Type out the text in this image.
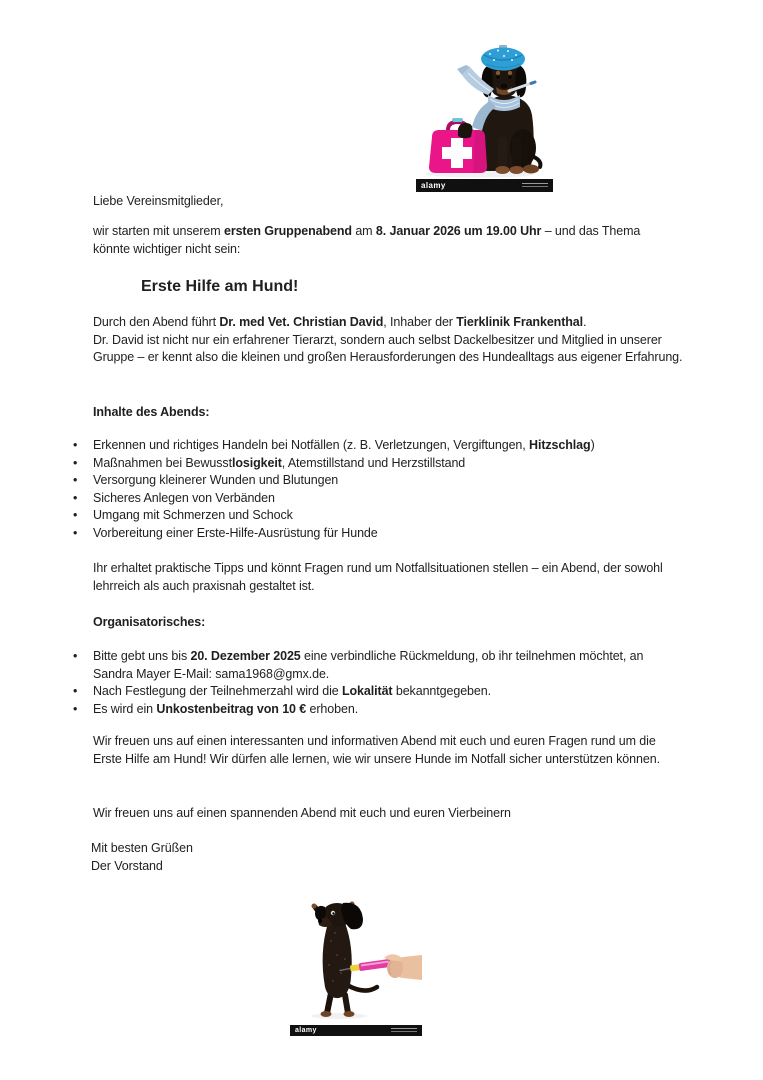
alamy

Liebe Vereinsmitglieder,

wir starten mit unserem ersten Gruppenabend am 8. Januar 2026 um 19.00 Uhr – und das Thema könnte wichtiger nicht sein:

Erste Hilfe am Hund!
Durch den Abend führt Dr. med Vet. Christian David, Inhaber der Tierklinik Frankenthal.
Dr. David ist nicht nur ein erfahrener Tierarzt, sondern auch selbst Dackelbesitzer und Mitglied in unserer Gruppe – er kennt also die kleinen und großen Herausforderungen des Hundealltags aus eigener Erfahrung.

Inhalte des Abends:

• Erkennen und richtiges Handeln bei Notfällen (z. B. Verletzungen, Vergiftungen, Hitzschlag)
• Maßnahmen bei Bewusstlosigkeit, Atemstillstand und Herzstillstand
• Versorgung kleinerer Wunden und Blutungen
• Sicheres Anlegen von Verbänden
• Umgang mit Schmerzen und Schock
• Vorbereitung einer Erste-Hilfe-Ausrüstung für Hunde

Ihr erhaltet praktische Tipps und könnt Fragen rund um Notfallsituationen stellen – ein Abend, der sowohl lehrreich als auch praxisnah gestaltet ist.

Organisatorisches:

• Bitte gebt uns bis 20. Dezember 2025 eine verbindliche Rückmeldung, ob ihr teilnehmen möchtet, an Sandra Mayer E-Mail: sama1968@gmx.de.
• Nach Festlegung der Teilnehmerzahl wird die Lokalität bekanntgegeben.
• Es wird ein Unkostenbeitrag von 10 € erhoben.

Wir freuen uns auf einen interessanten und informativen Abend mit euch und euren Fragen rund um die Erste Hilfe am Hund! Wir dürfen alle lernen, wie wir unsere Hunde im Notfall sicher unterstützen können.

Wir freuen uns auf einen spannenden Abend mit euch und euren Vierbeinern

Mit besten Grüßen
Der Vorstand
alamy
